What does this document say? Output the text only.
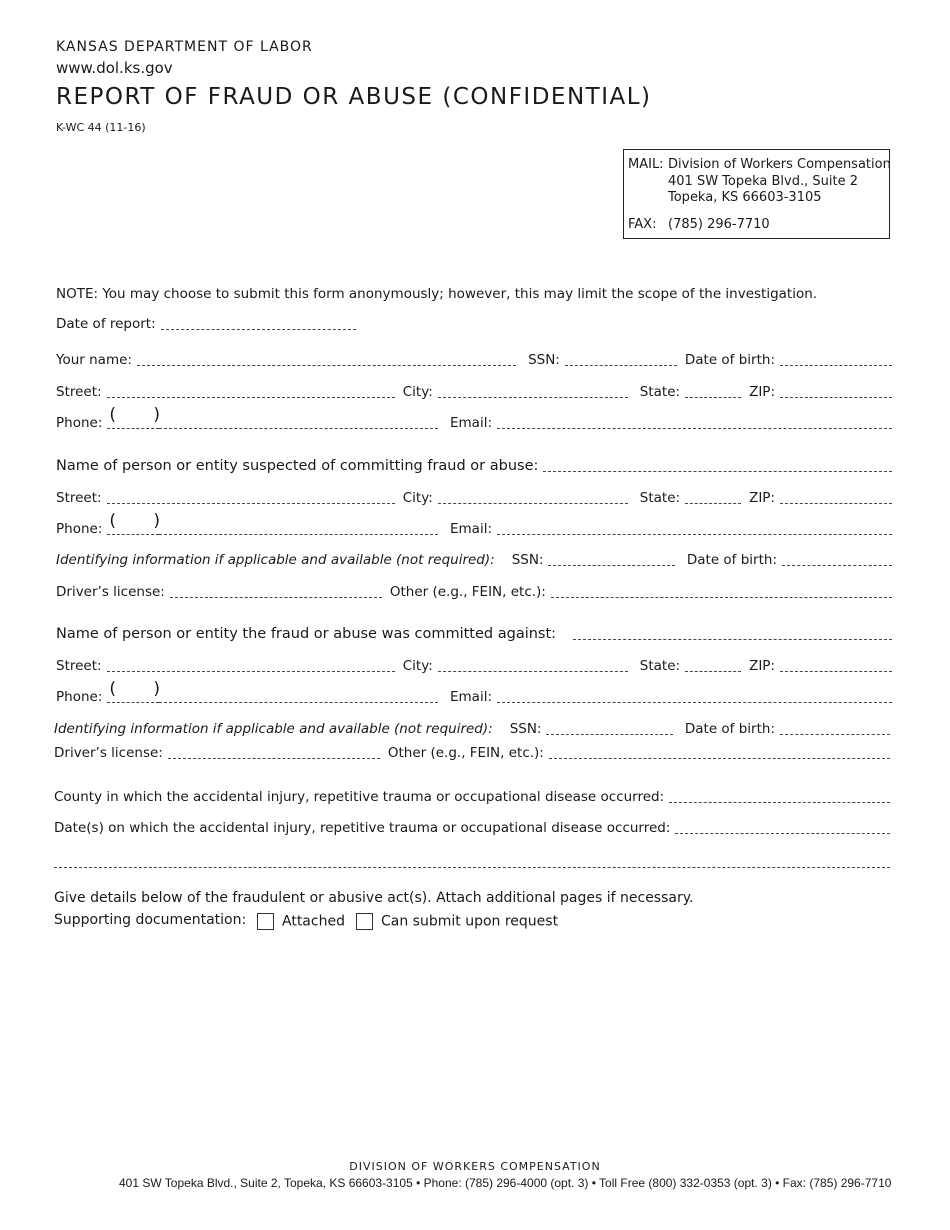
KANSAS DEPARTMENT OF LABOR
www.dol.ks.gov
REPORT OF FRAUD OR ABUSE (CONFIDENTIAL)
K-WC 44 (11-16)
MAIL: Division of Workers Compensation
401 SW Topeka Blvd., Suite 2
Topeka, KS 66603-3105
FAX: (785) 296-7710
NOTE: You may choose to submit this form anonymously; however, this may limit the scope of the investigation.
Date of report:
Your name:	SSN:	Date of birth:
Street:	City:	State:	ZIP:
Phone: ( )	Email:
Name of person or entity suspected of committing fraud or abuse:
Street:	City:	State:	ZIP:
Phone: ( )	Email:
Identifying information if applicable and available (not required):	SSN:	Date of birth:
Driver’s license:	Other (e.g., FEIN, etc.):
Name of person or entity the fraud or abuse was committed against:
Street:	City:	State:	ZIP:
Phone: ( )	Email:
Identifying information if applicable and available (not required):	SSN:	Date of birth:
Driver’s license:	Other (e.g., FEIN, etc.):
County in which the accidental injury, repetitive trauma or occupational disease occurred:
Date(s) on which the accidental injury, repetitive trauma or occupational disease occurred:
Give details below of the fraudulent or abusive act(s). Attach additional pages if necessary.
Supporting documentation:	Attached	Can submit upon request
DIVISION OF WORKERS COMPENSATION
401 SW Topeka Blvd., Suite 2, Topeka, KS 66603-3105 • Phone: (785) 296-4000 (opt. 3) • Toll Free (800) 332-0353 (opt. 3) • Fax: (785) 296-7710
